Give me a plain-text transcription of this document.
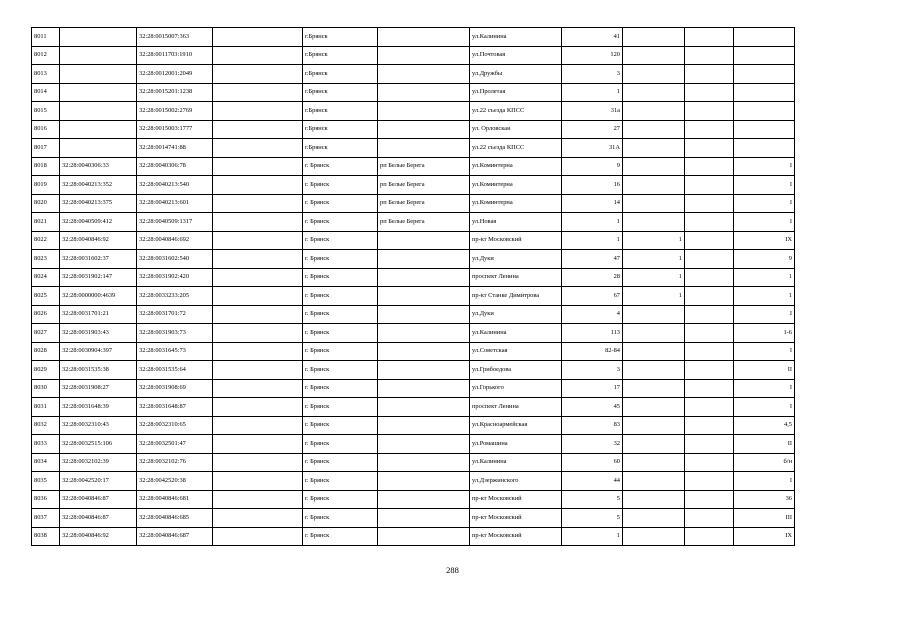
8011		32:28:0015007:363		г.Брянск		ул.Калинина	41			
8012		32:28:0011703:1910		г.Брянск		ул.Почтовая	120			
8013		32:28:0012001:2049		г.Брянск		ул.Дружбы	3			
8014		32:28:0015201:1238		г.Брянск		ул.Пролетая	1			
8015		32:28:0015002:2769		г.Брянск		ул.22 съезда КПСС	31а			
8016		32:28:0015003:1777		г.Брянск		ул. Орловская	27			
8017		32:28:0014741:88		г.Брянск		ул.22 съезда КПСС	31А			
8018	32:28:0040306:33	32:28:0040306:78		г. Брянск	рп Белые Берега	ул.Коминтерна	9			I
8019	32:28:0040213:352	32:28:0040213:540		г. Брянск	рп Белые Берега	ул.Коминтерна	16			I
8020	32:28:0040213:375	32:28:0040213:601		г. Брянск	рп Белые Берега	ул.Коминтерна	14			I
8021	32:28:0040509:412	32:28:0040509:1317		г. Брянск	рп Белые Берега	ул.Новая	1			I
8022	32:28:0040846:92	32:28:0040846:692		г. Брянск		пр-кт Московский	1	1		IX
8023	32:28:0031602:37	32:28:0031602:540		г. Брянск		ул.Дуки	47	1		9
8024	32:28:0031902:147	32:28:0031902:420		г. Брянск		проспект Ленина	28	1		1
8025	32:28:0000000:4639	32:28:0033233:205		г. Брянск		пр-кт Станке Димитрова	67	1		1
8026	32:28:0031701:21	32:28:0031701:72		г. Брянск		ул.Дуки	4			I
8027	32:28:0031903:43	32:28:0031903:73		г. Брянск		ул.Калинина	113			1-6
8028	32:28:0030904:397	32:28:0031645:73		г. Брянск		ул.Советская	82-84			I
8029	32:28:0031535:38	32:28:0031535:64		г. Брянск		ул.Грибоедова	3			II
8030	32:28:0031908:27	32:28:0031908:69		г. Брянск		ул.Горького	17			I
8031	32:28:0031648:39	32:28:0031648:87		г. Брянск		проспект Ленина	45			I
8032	32:28:0032310:43	32:28:0032310:65		г. Брянск		ул.Красноармейская	83			4,5
8033	32:28:0032515:106	32:28:0032501:47		г. Брянск		ул.Ромашина	32			II
8034	32:28:0032102:39	32:28:0032102:76		г. Брянск		ул.Калинина	60			б/н
8035	32:28:0042520:17	32:28:0042520:38		г. Брянск		ул.Дзержинского	44			I
8036	32:28:0040846:87	32:28:0040846:681		г. Брянск		пр-кт Московский	5			36
8037	32:28:0040846:87	32:28:0040846:685		г. Брянск		пр-кт Московский	5			III
8038	32:28:0040846:92	32:28:0040846:687		г. Брянск		пр-кт Московский	1			IX
288
